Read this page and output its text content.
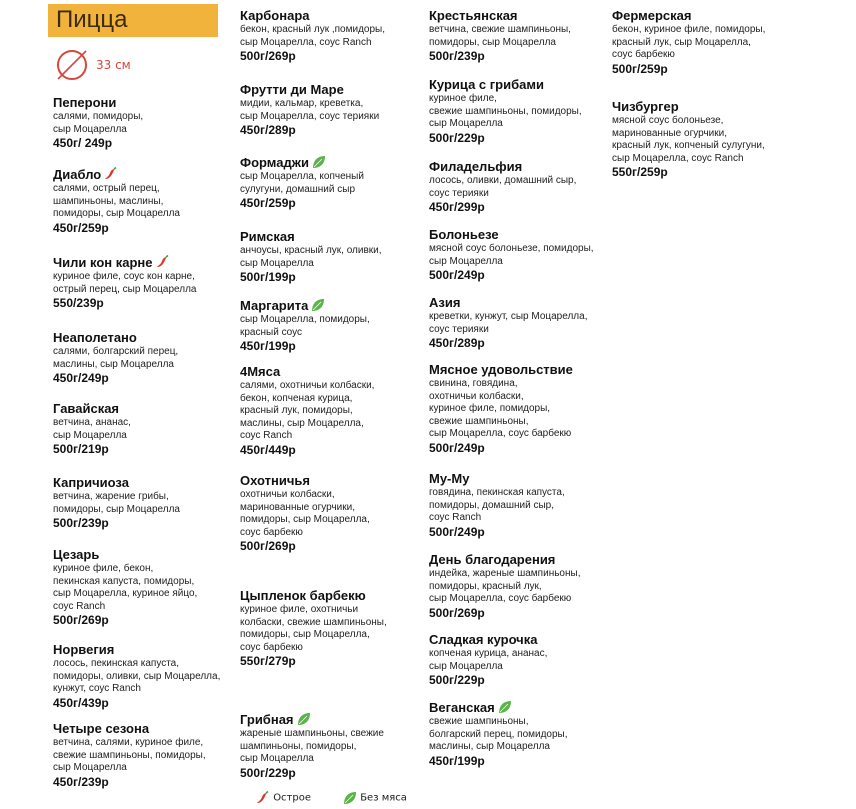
Пицца
33 см
Пеперони
салями, помидоры,
сыр Моцарелла
450г/ 249р
Диабло
салями, острый перец,
шампиньоны, маслины,
помидоры, сыр Моцарелла
450г/259р
Чили кон карне
куриное филе, соус кон карне,
острый перец, сыр Моцарелла
550/239р
Неаполетано
салями, болгарский перец,
маслины, сыр Моцарелла
450г/249р
Гавайская
ветчина, ананас,
сыр Моцарелла
500г/219р
Капричиоза
ветчина, жарение грибы,
помидоры, сыр Моцарелла
500г/239р
Цезарь
куриное филе, бекон,
пекинская капуста, помидоры,
сыр Моцарелла, куриное яйцо,
соус Ranch
500г/269р
Норвегия
лосось, пекинская капуста,
помидоры, оливки, сыр Моцарелла,
кунжут, соус Ranch
450г/439р
Четыре сезона
ветчина, салями, куриное филе,
свежие шампиньоны, помидоры,
сыр Моцарелла
450г/239р
Карбонара
бекон, красный лук ,помидоры,
сыр Моцарелла, соус Ranch
500г/269р
Фрутти ди Маре
мидии, кальмар, креветка,
сыр Моцарелла, соус терияки
450г/289р
Формаджи
сыр Моцарелла, копченый
сулугуни, домашний сыр
450г/259р
Римская
анчоусы, красный лук, оливки,
сыр Моцарелла
500г/199р
Маргарита
сыр Моцарелла, помидоры,
красный соус
450г/199р
4Мяса
салями, охотничьи колбаски,
бекон, копченая курица,
красный лук, помидоры,
маслины, сыр Моцарелла,
соус Ranch
450г/449р
Охотничья
охотничьи колбаски,
маринованные огурчики,
помидоры, сыр Моцарелла,
соус барбекю
500г/269р
Цыпленок барбекю
куриное филе, охотничьи
колбаски, свежие шампиньоны,
помидоры, сыр Моцарелла,
соус барбекю
550г/279р
Грибная
жареные шампиньоны, свежие
шампиньоны, помидоры,
сыр Моцарелла
500г/229р
Крестьянская
ветчина, свежие шампиньоны,
помидоры, сыр Моцарелла
500г/239р
Курица с грибами
куриное филе,
свежие шампиньоны, помидоры,
сыр Моцарелла
500г/229р
Филадельфия
лосось, оливки, домашний сыр,
соус терияки
450г/299р
Болоньезе
мясной соус болоньезе, помидоры,
сыр Моцарелла
500г/249р
Азия
креветки, кунжут, сыр Моцарелла,
соус терияки
450г/289р
Мясное удовольствие
свинина, говядина,
охотничьи колбаски,
куриное филе, помидоры,
свежие шампиньоны,
сыр Моцарелла, соус барбекю
500г/249р
Му-Му
говядина, пекинская капуста,
помидоры, домашний сыр,
соус Ranch
500г/249р
День благодарения
индейка, жареные шампиньоны,
помидоры, красный лук,
сыр Моцарелла, соус барбекю
500г/269р
Сладкая курочка
копченая курица, ананас,
сыр Моцарелла
500г/229р
Веганская
свежие шампиньоны,
болгарский перец, помидоры,
маслины, сыр Моцарелла
450г/199р
Фермерская
бекон, куриное филе, помидоры,
красный лук, сыр Моцарелла,
соус барбекю
500г/259р
Чизбургер
мясной соус болоньезе,
маринованные огурчики,
красный лук, копченый сулугуни,
сыр Моцарелла, соус Ranch
550г/259р
Острое	Без мяса
